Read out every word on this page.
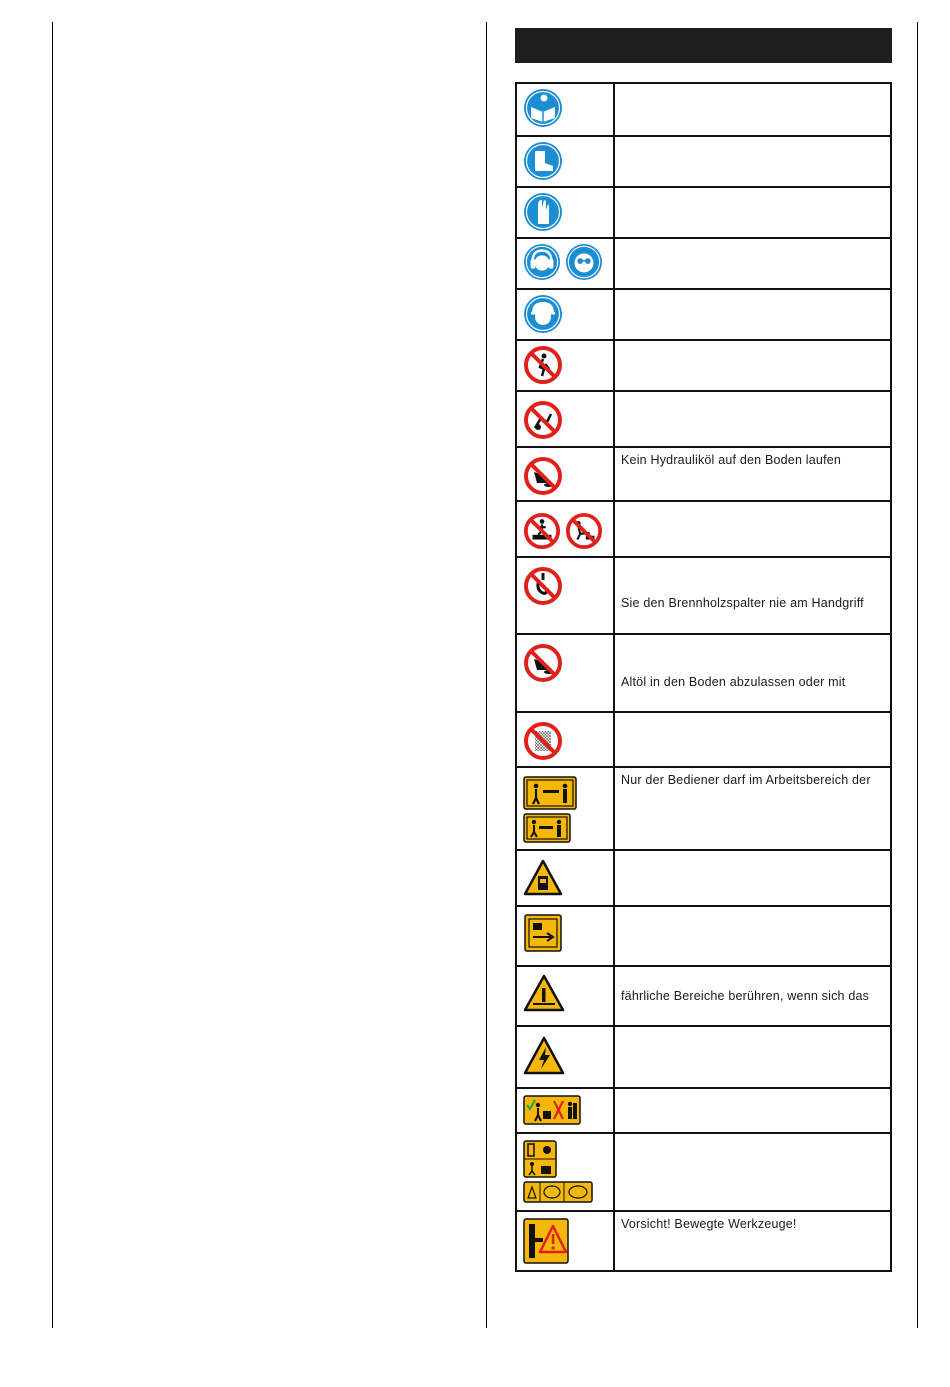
Kein Hydrauliköl auf den Boden laufen

Sie den Brennholzspalter nie am Handgriff

Altöl in den Boden abzulassen oder mit

Nur der Bediener darf im Arbeitsbereich der

fährliche Bereiche berühren, wenn sich das

Vorsicht! Bewegte Werkzeuge!
